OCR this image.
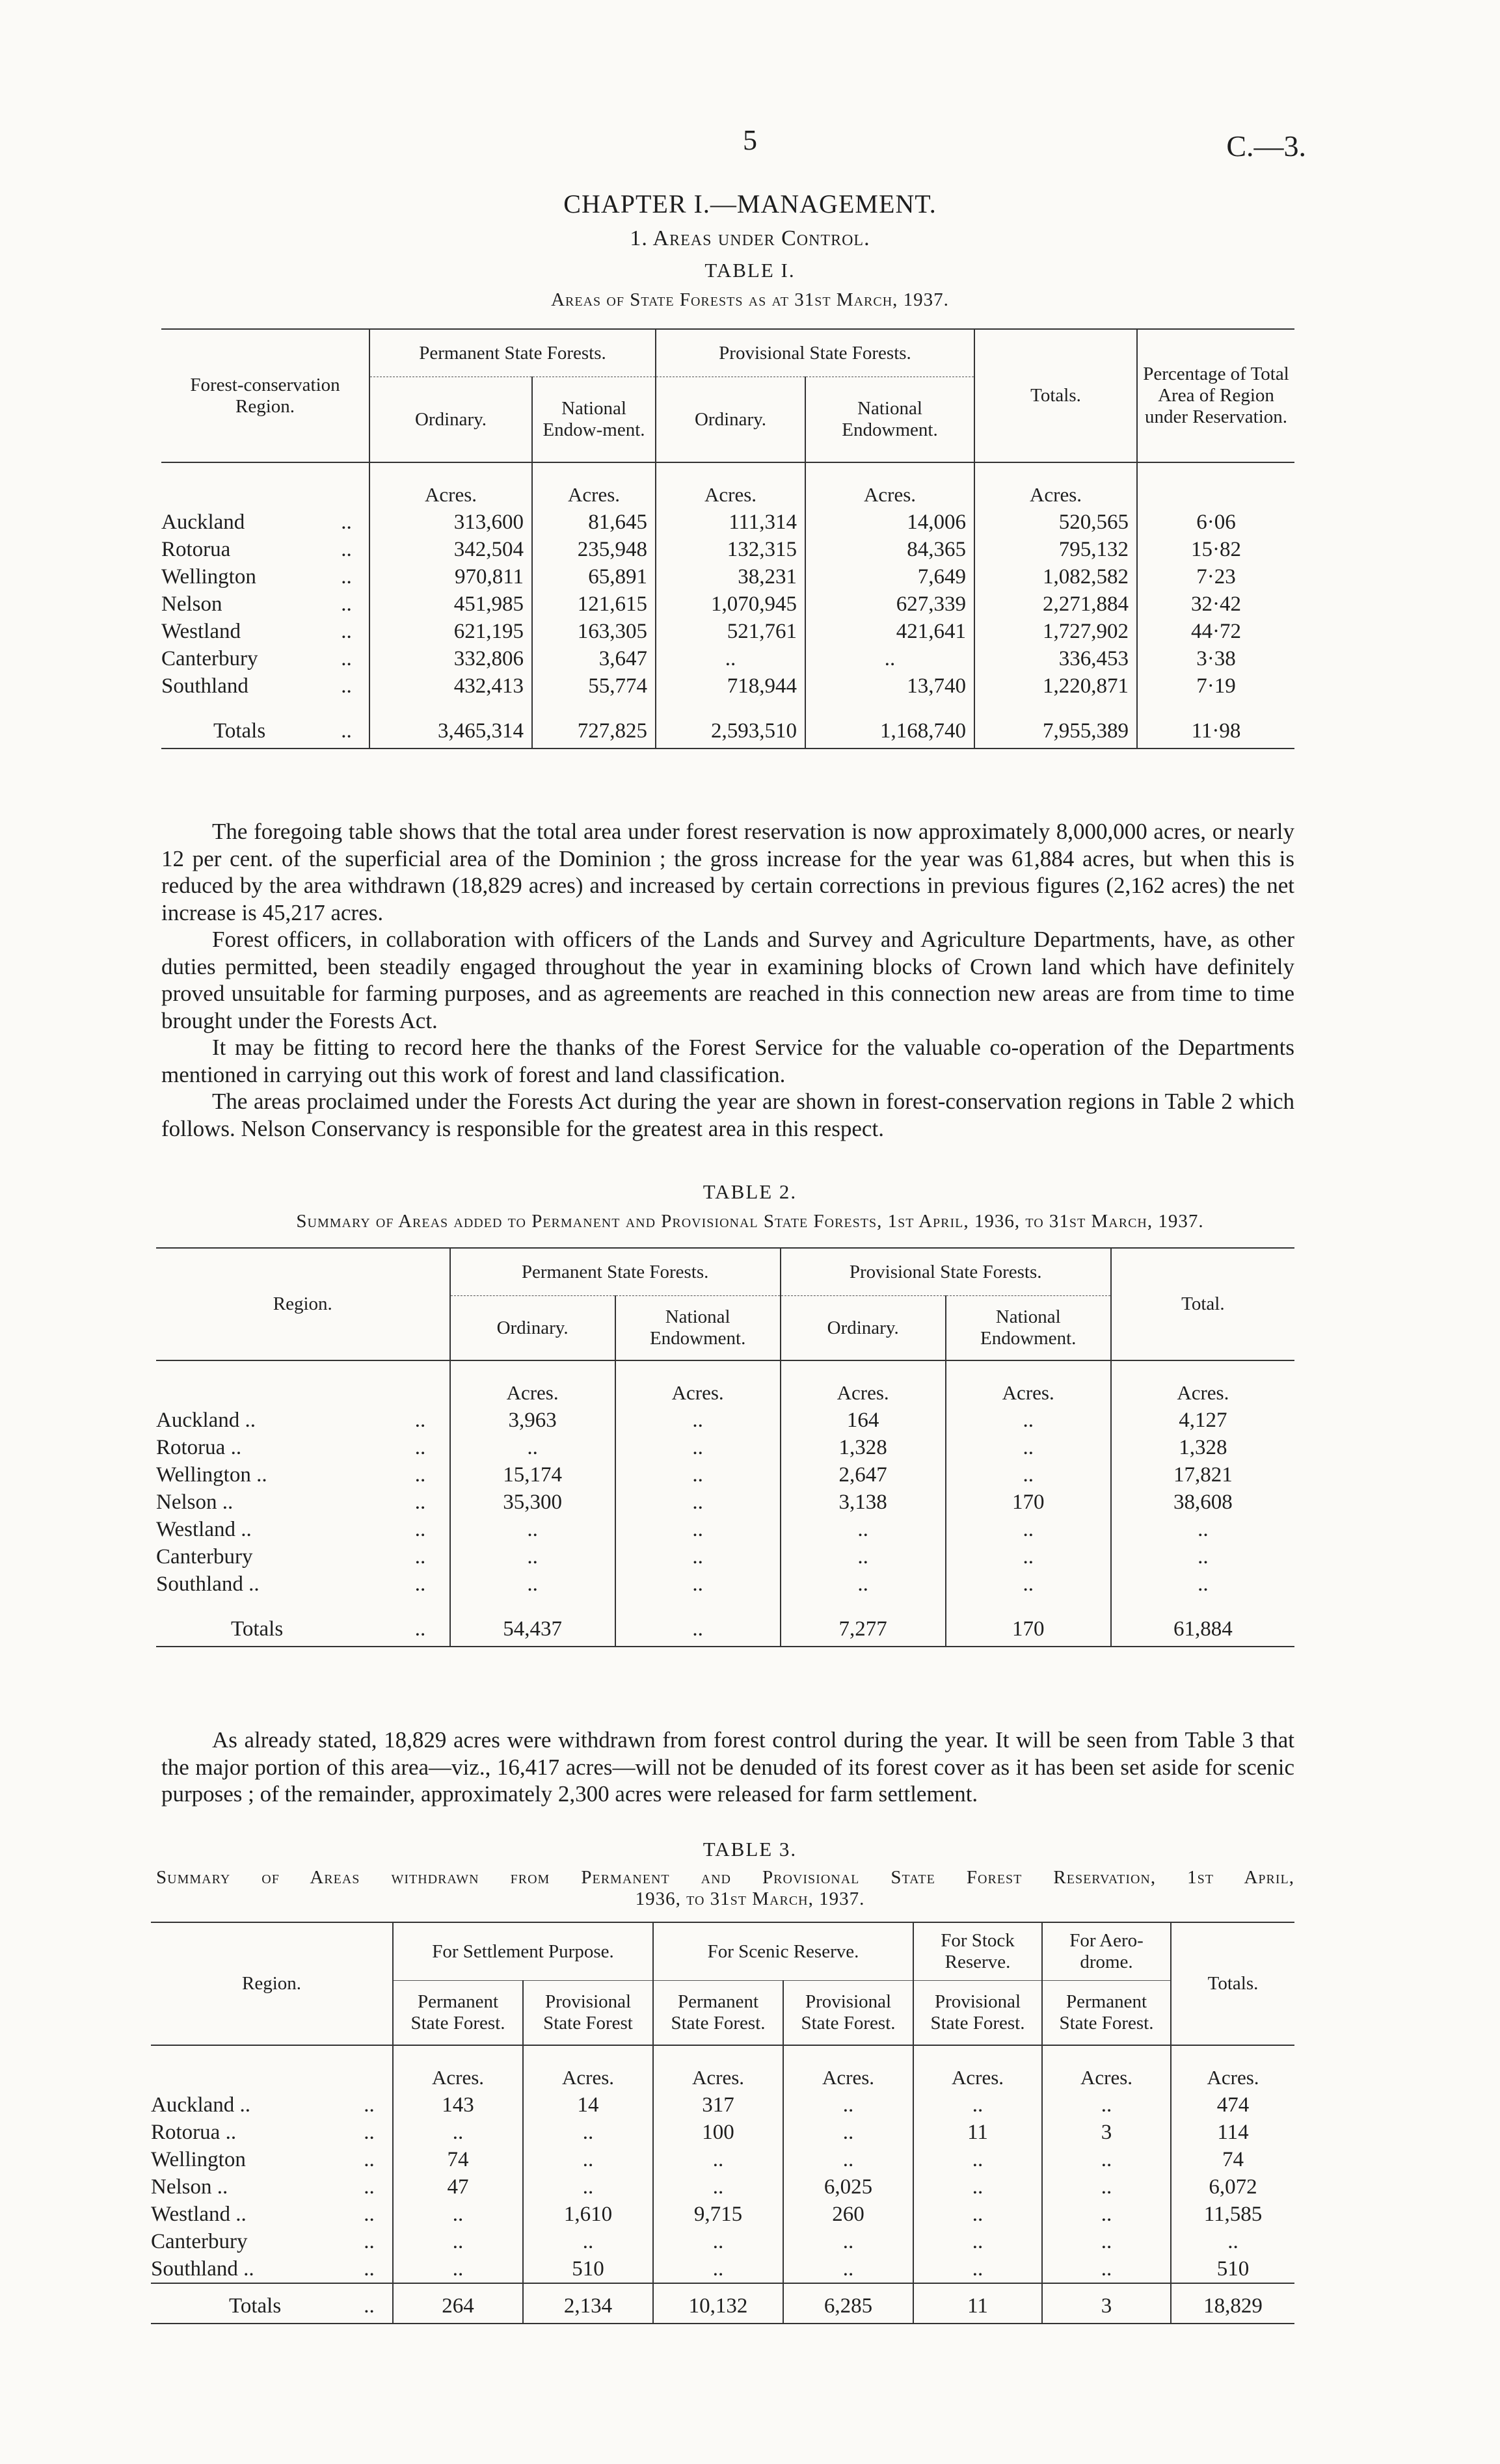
5	C.—3.
CHAPTER I.—MANAGEMENT.
1. Areas under Control.
TABLE I.
Areas of State Forests as at 31st March, 1937.
Forest-conservation Region.		Permanent State Forests.		Provisional State Forests.		Totals.	Percentage of Total Area of Region under Reservation.
		Ordinary.	National Endow-ment.	Ordinary.	National Endowment.		
		Acres.	Acres.	Acres.	Acres.	Acres.	
Auckland	..	313,600	81,645	111,314	14,006	520,565	6·06
Rotorua	..	342,504	235,948	132,315	84,365	795,132	15·82
Wellington	..	970,811	65,891	38,231	7,649	1,082,582	7·23
Nelson	..	451,985	121,615	1,070,945	627,339	2,271,884	32·42
Westland	..	621,195	163,305	521,761	421,641	1,727,902	44·72
Canterbury	..	332,806	3,647	..	..	336,453	3·38
Southland	..	432,413	55,774	718,944	13,740	1,220,871	7·19
Totals	..	3,465,314	727,825	2,593,510	1,168,740	7,955,389	11·98

The foregoing table shows that the total area under forest reservation is now approximately 8,000,000 acres, or nearly 12 per cent. of the superficial area of the Dominion ; the gross increase for the year was 61,884 acres, but when this is reduced by the area withdrawn (18,829 acres) and increased by certain corrections in previous figures (2,162 acres) the net increase is 45,217 acres.

Forest officers, in collaboration with officers of the Lands and Survey and Agriculture Departments, have, as other duties permitted, been steadily engaged throughout the year in examining blocks of Crown land which have definitely proved unsuitable for farming purposes, and as agreements are reached in this connection new areas are from time to time brought under the Forests Act.

It may be fitting to record here the thanks of the Forest Service for the valuable co-operation of the Departments mentioned in carrying out this work of forest and land classification.

The areas proclaimed under the Forests Act during the year are shown in forest-conservation regions in Table 2 which follows. Nelson Conservancy is responsible for the greatest area in this respect.

TABLE 2.
Summary of Areas added to Permanent and Provisional State Forests, 1st April, 1936, to 31st March, 1937.
Region.		Permanent State Forests.		Provisional State Forests.		Total.
		Ordinary.	National Endowment.	Ordinary.	National Endowment.	
		Acres.	Acres.	Acres.	Acres.	Acres.
Auckland ..	..	3,963	..	164	..	4,127
Rotorua ..	..	..	..	1,328	..	1,328
Wellington ..	..	15,174	..	2,647	..	17,821
Nelson ..	..	35,300	..	3,138	170	38,608
Westland ..	..	..	..	..	..	..
Canterbury	..	..	..	..	..	..
Southland ..	..	..	..	..	..	..
Totals	..	54,437	..	7,277	170	61,884

As already stated, 18,829 acres were withdrawn from forest control during the year. It will be seen from Table 3 that the major portion of this area—viz., 16,417 acres—will not be denuded of its forest cover as it has been set aside for scenic purposes ; of the remainder, approximately 2,300 acres were released for farm settlement.

TABLE 3.
Summary of Areas withdrawn from Permanent and Provisional State Forest Reservation, 1st April,
1936, to 31st March, 1937.
Region.		For Settlement Purpose.		For Scenic Reserve.		For Stock Reserve.	For Aero-drome.	Totals.
		Permanent State Forest.	Provisional State Forest	Permanent State Forest.	Provisional State Forest.	Provisional State Forest.	Permanent State Forest.	
		Acres.	Acres.	Acres.	Acres.	Acres.	Acres.	Acres.
Auckland ..	..	143	14	317	..	..	..	474
Rotorua ..	..	..	..	100	..	11	3	114
Wellington	..	74	..	..	..	..	..	74
Nelson ..	..	47	..	..	6,025	..	..	6,072
Westland ..	..	..	1,610	9,715	260	..	..	11,585
Canterbury	..	..	..	..	..	..	..	..
Southland ..	..	..	510	..	..	..	..	510
Totals	..	264	2,134	10,132	6,285	11	3	18,829
